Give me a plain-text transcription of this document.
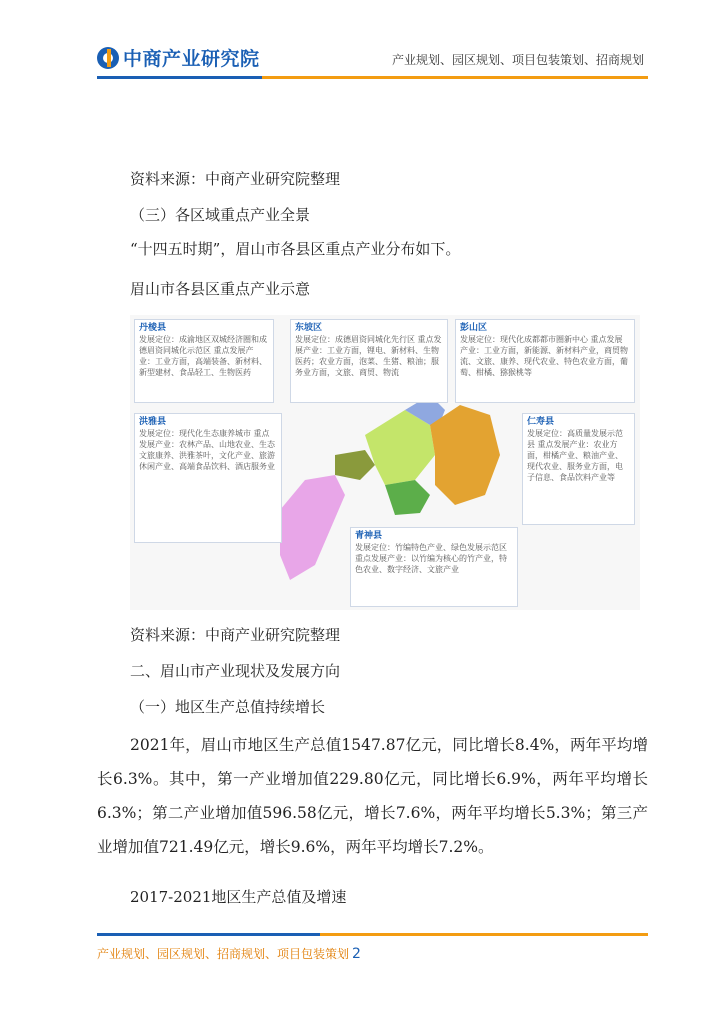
中商产业研究院	产业规划、园区规划、项目包装策划、招商规划
资料来源：中商产业研究院整理
（三）各区域重点产业全景
“十四五时期”，眉山市各县区重点产业分布如下。
眉山市各县区重点产业示意
丹棱县
发展定位：成渝地区双城经济圈和成德眉资同城化示范区 重点发展产业：工业方面，高端装备、新材料、新型建材、食品轻工、生物医药
东坡区
发展定位：成德眉资同城化先行区 重点发展产业：工业方面，锂电、新材料、生物医药；农业方面，泡菜、生猪、粮油；服务业方面，文旅、商贸、物流
彭山区
发展定位：现代化成都都市圈新中心 重点发展产业：工业方面，新能源、新材料产业，商贸物流、文旅、康养、现代农业、特色农业方面，葡萄、柑橘、猕猴桃等
洪雅县
发展定位：现代化生态康养城市 重点发展产业：农林产品、山地农业、生态文旅康养、洪雅茶叶，文化产业、旅游休闲产业、高端食品饮料、酒店服务业
仁寿县
发展定位：高质量发展示范县 重点发展产业：农业方面，柑橘产业、粮油产业、现代农业、服务业方面，电子信息、食品饮料产业等
青神县
发展定位：竹编特色产业、绿色发展示范区 重点发展产业：以竹编为核心的竹产业，特色农业、数字经济、文旅产业
资料来源：中商产业研究院整理
二、眉山市产业现状及发展方向
（一）地区生产总值持续增长
2021年，眉山市地区生产总值1547.87亿元，同比增长8.4%，两年平均增长6.3%。其中，第一产业增加值229.80亿元，同比增长6.9%，两年平均增长6.3%；第二产业增加值596.58亿元，增长7.6%，两年平均增长5.3%；第三产业增加值721.49亿元，增长9.6%，两年平均增长7.2%。
2017-2021地区生产总值及增速
产业规划、园区规划、招商规划、项目包装策划 2
